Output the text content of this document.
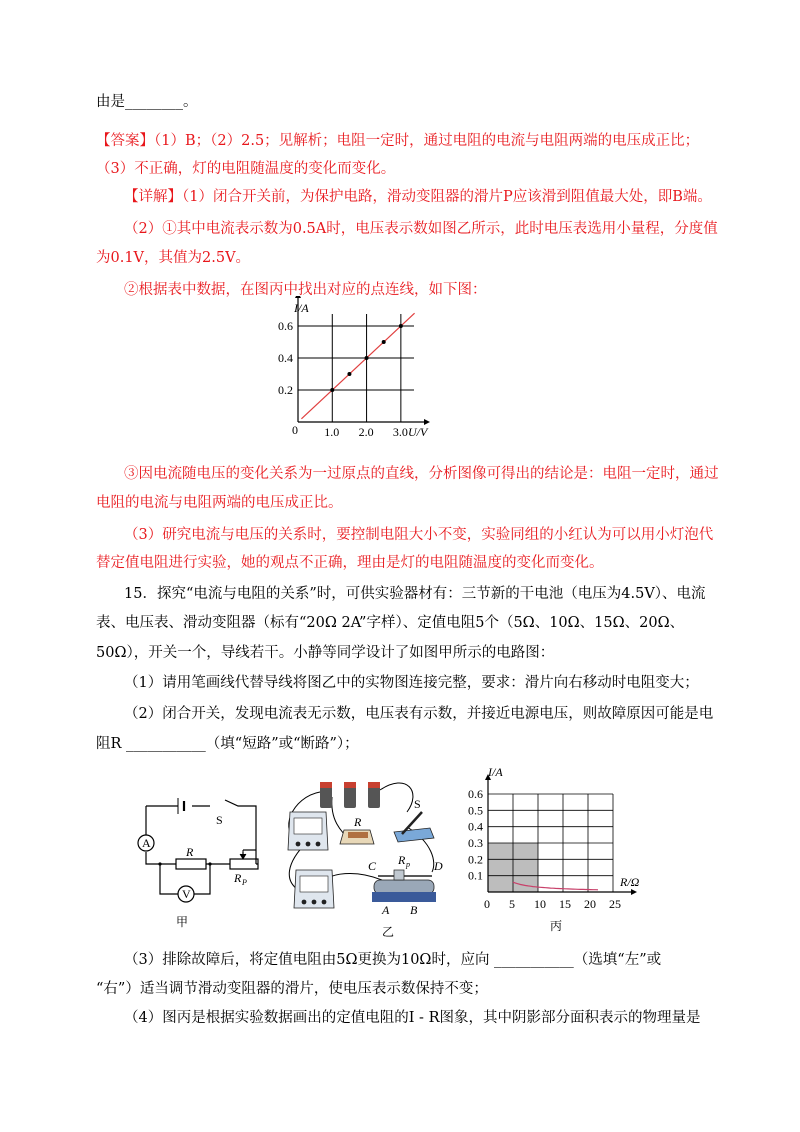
由是________。
【答案】（1）B；（2）2.5；见解析；电阻一定时，通过电阻的电流与电阻两端的电压成正比；
（3）不正确，灯的电阻随温度的变化而变化。
【详解】（1）闭合开关前，为保护电路，滑动变阻器的滑片P应该滑到阻值最大处，即B端。
（2）①其中电流表示数为0.5A时，电压表示数如图乙所示，此时电压表选用小量程，分度值
为0.1V，其值为2.5V。
②根据表中数据，在图丙中找出对应的点连线，如下图：
1.0 2.0 3.0
0.2
0.4
0.6
I/A
U/V
0
③因电流随电压的变化关系为一过原点的直线，分析图像可得出的结论是：电阻一定时，通过
电阻的电流与电阻两端的电压成正比。
（3）研究电流与电压的关系时，要控制电阻大小不变，实验同组的小红认为可以用小灯泡代
替定值电阻进行实验，她的观点不正确，理由是灯的电阻随温度的变化而变化。
15．探究“电流与电阻的关系”时，可供实验器材有：三节新的干电池（电压为4.5V）、电流
表、电压表、滑动变阻器（标有“20Ω 2A”字样）、定值电阻5个（5Ω、10Ω、15Ω、20Ω、
50Ω），开关一个，导线若干。小静等同学设计了如图甲所示的电路图：
（1）请用笔画线代替导线将图乙中的实物图连接完整，要求：滑片向右移动时电阻变大；
（2）闭合开关，发现电流表无示数，电压表有示数，并接近电源电压，则故障原因可能是电
阻R ___________（填“短路”或“断路”）；
A
V
S
R
R P
甲
S
R
R p
C	D
A B
乙
0 5 10 15 20 25
0.1
0.2
0.3
0.4
0.5
0.6
I/A
R/Ω
丙
（3）排除故障后，将定值电阻由5Ω更换为10Ω时，应向 ___________（选填“左”或
“右”）适当调节滑动变阻器的滑片，使电压表示数保持不变；
（4）图丙是根据实验数据画出的定值电阻的I - R图象，其中阴影部分面积表示的物理量是
